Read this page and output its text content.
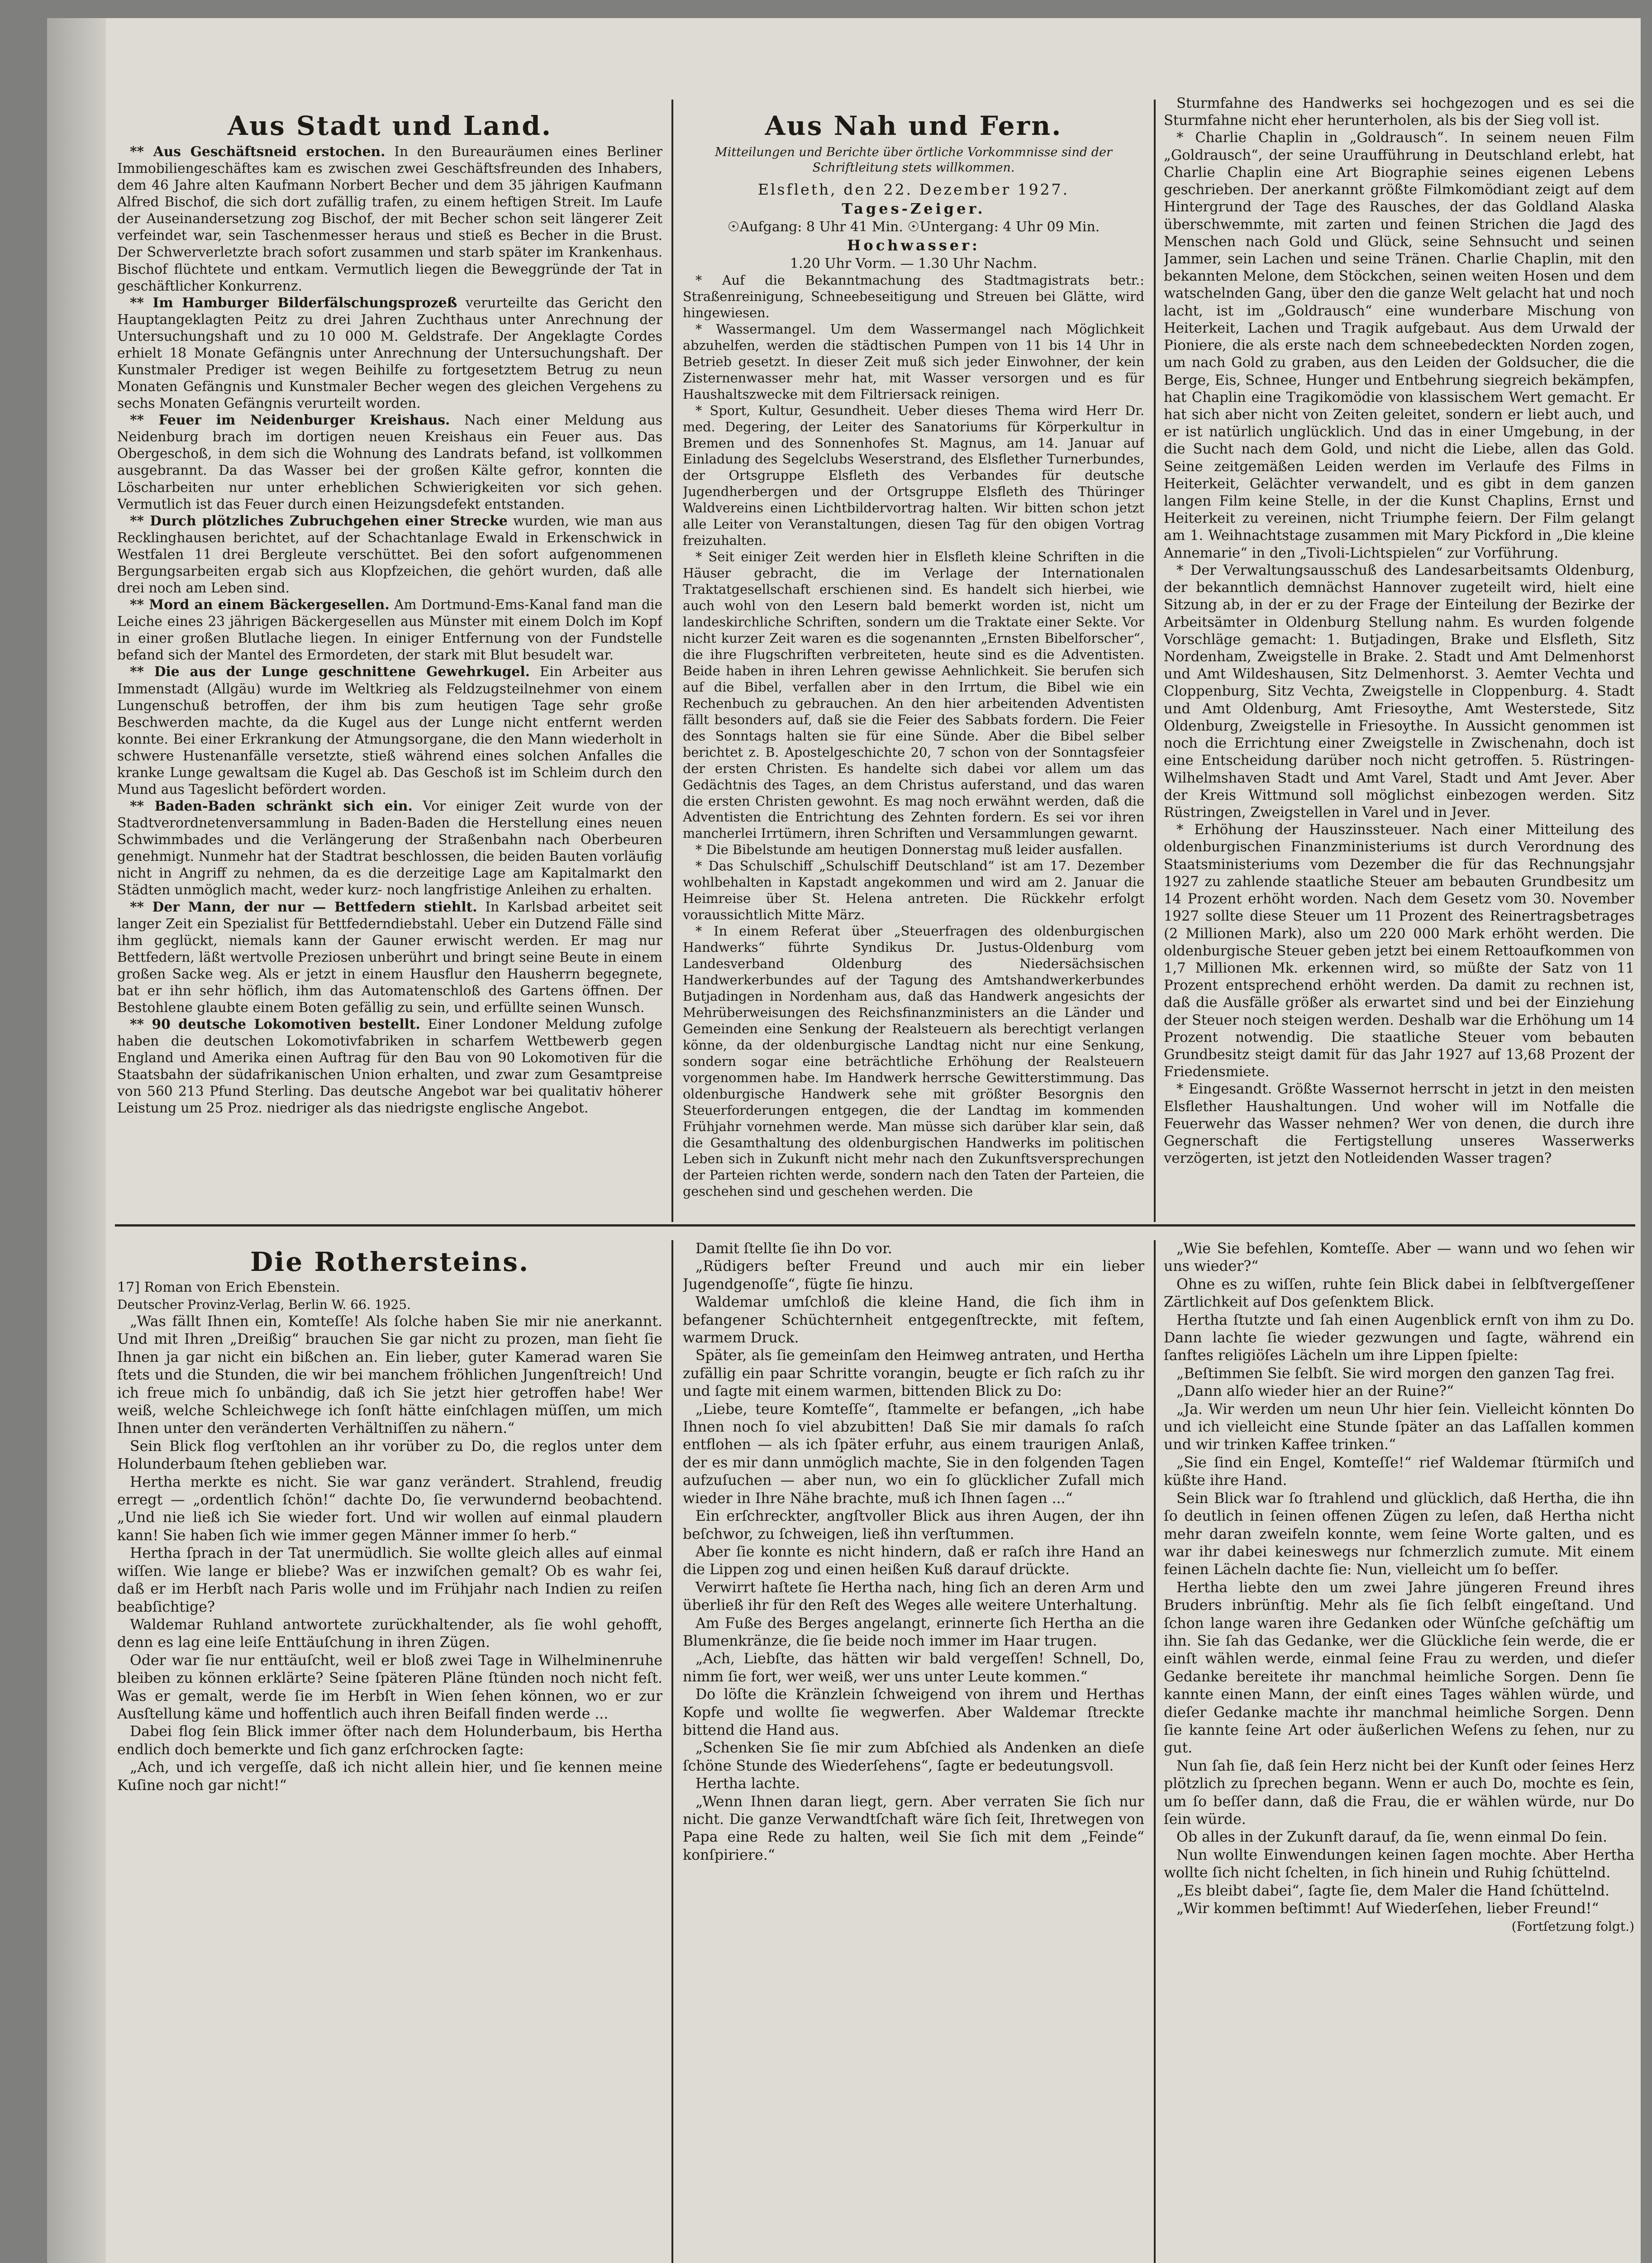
Aus Stadt und Land.

** Aus Geschäftsneid erstochen. In den Bureauräumen eines Berliner Immobiliengeschäftes kam es zwischen zwei Geschäftsfreunden des Inhabers, dem 46 Jahre alten Kaufmann Norbert Becher und dem 35 jährigen Kaufmann Alfred Bischof, die sich dort zufällig trafen, zu einem heftigen Streit. Im Laufe der Auseinandersetzung zog Bischof, der mit Becher schon seit längerer Zeit verfeindet war, sein Taschenmesser heraus und stieß es Becher in die Brust. Der Schwerverletzte brach sofort zusammen und starb später im Krankenhaus. Bischof flüchtete und entkam. Vermutlich liegen die Beweggründe der Tat in geschäftlicher Konkurrenz.

** Im Hamburger Bilderfälschungsprozeß verurteilte das Gericht den Hauptangeklagten Peitz zu drei Jahren Zuchthaus unter Anrechnung der Untersuchungshaft und zu 10 000 M. Geldstrafe. Der Angeklagte Cordes erhielt 18 Monate Gefängnis unter Anrechnung der Untersuchungshaft. Der Kunstmaler Prediger ist wegen Beihilfe zu fortgesetztem Betrug zu neun Monaten Gefängnis und Kunstmaler Becher wegen des gleichen Vergehens zu sechs Monaten Gefängnis verurteilt worden.

** Feuer im Neidenburger Kreishaus. Nach einer Meldung aus Neidenburg brach im dortigen neuen Kreishaus ein Feuer aus. Das Obergeschoß, in dem sich die Wohnung des Landrats befand, ist vollkommen ausgebrannt. Da das Wasser bei der großen Kälte gefror, konnten die Löscharbeiten nur unter erheblichen Schwierigkeiten vor sich gehen. Vermutlich ist das Feuer durch einen Heizungsdefekt entstanden.

** Durch plötzliches Zubruchgehen einer Strecke wurden, wie man aus Recklinghausen berichtet, auf der Schachtanlage Ewald in Erkenschwick in Westfalen 11 drei Bergleute verschüttet. Bei den sofort aufgenommenen Bergungsarbeiten ergab sich aus Klopfzeichen, die gehört wurden, daß alle drei noch am Leben sind.

** Mord an einem Bäckergesellen. Am Dortmund-Ems-Kanal fand man die Leiche eines 23 jährigen Bäckergesellen aus Münster mit einem Dolch im Kopf in einer großen Blutlache liegen. In einiger Entfernung von der Fundstelle befand sich der Mantel des Ermordeten, der stark mit Blut besudelt war.

** Die aus der Lunge geschnittene Gewehrkugel. Ein Arbeiter aus Immenstadt (Allgäu) wurde im Weltkrieg als Feldzugsteilnehmer von einem Lungenschuß betroffen, der ihm bis zum heutigen Tage sehr große Beschwerden machte, da die Kugel aus der Lunge nicht entfernt werden konnte. Bei einer Erkrankung der Atmungsorgane, die den Mann wiederholt in schwere Hustenanfälle versetzte, stieß während eines solchen Anfalles die kranke Lunge gewaltsam die Kugel ab. Das Geschoß ist im Schleim durch den Mund aus Tageslicht befördert worden.

** Baden-Baden schränkt sich ein. Vor einiger Zeit wurde von der Stadtverordnetenversammlung in Baden-Baden die Herstellung eines neuen Schwimmbades und die Verlängerung der Straßenbahn nach Oberbeuren genehmigt. Nunmehr hat der Stadtrat beschlossen, die beiden Bauten vorläufig nicht in Angriff zu nehmen, da es die derzeitige Lage am Kapitalmarkt den Städten unmöglich macht, weder kurz- noch langfristige Anleihen zu erhalten.

** Der Mann, der nur — Bettfedern stiehlt. In Karlsbad arbeitet seit langer Zeit ein Spezialist für Bettfederndiebstahl. Ueber ein Dutzend Fälle sind ihm geglückt, niemals kann der Gauner erwischt werden. Er mag nur Bettfedern, läßt wertvolle Preziosen unberührt und bringt seine Beute in einem großen Sacke weg. Als er jetzt in einem Hausflur den Hausherrn begegnete, bat er ihn sehr höflich, ihm das Automatenschloß des Gartens öffnen. Der Bestohlene glaubte einem Boten gefällig zu sein, und erfüllte seinen Wunsch.

** 90 deutsche Lokomotiven bestellt. Einer Londoner Meldung zufolge haben die deutschen Lokomotivfabriken in scharfem Wettbewerb gegen England und Amerika einen Auftrag für den Bau von 90 Lokomotiven für die Staatsbahn der südafrikanischen Union erhalten, und zwar zum Gesamtpreise von 560 213 Pfund Sterling. Das deutsche Angebot war bei qualitativ höherer Leistung um 25 Proz. niedriger als das niedrigste englische Angebot.

Aus Nah und Fern.
Mitteilungen und Berichte über örtliche Vorkommnisse sind der Schriftleitung stets willkommen.
Elsfleth, den 22. Dezember 1927.
Tages-Zeiger.
☉Aufgang: 8 Uhr 41 Min. ☉Untergang: 4 Uhr 09 Min.
Hochwasser:
1.20 Uhr Vorm. — 1.30 Uhr Nachm.

* Auf die Bekanntmachung des Stadtmagistrats betr.: Straßenreinigung, Schneebeseitigung und Streuen bei Glätte, wird hingewiesen.

* Wassermangel. Um dem Wassermangel nach Möglichkeit abzuhelfen, werden die städtischen Pumpen von 11 bis 14 Uhr in Betrieb gesetzt. In dieser Zeit muß sich jeder Einwohner, der kein Zisternenwasser mehr hat, mit Wasser versorgen und es für Haushaltszwecke mit dem Filtriersack reinigen.

* Sport, Kultur, Gesundheit. Ueber dieses Thema wird Herr Dr. med. Degering, der Leiter des Sanatoriums für Körperkultur in Bremen und des Sonnenhofes St. Magnus, am 14. Januar auf Einladung des Segelclubs Weserstrand, des Elsflether Turnerbundes, der Ortsgruppe Elsfleth des Verbandes für deutsche Jugendherbergen und der Ortsgruppe Elsfleth des Thüringer Waldvereins einen Lichtbildervortrag halten. Wir bitten schon jetzt alle Leiter von Veranstaltungen, diesen Tag für den obigen Vortrag freizuhalten.

* Seit einiger Zeit werden hier in Elsfleth kleine Schriften in die Häuser gebracht, die im Verlage der Internationalen Traktatgesellschaft erschienen sind. Es handelt sich hierbei, wie auch wohl von den Lesern bald bemerkt worden ist, nicht um landeskirchliche Schriften, sondern um die Traktate einer Sekte. Vor nicht kurzer Zeit waren es die sogenannten „Ernsten Bibelforscher“, die ihre Flugschriften verbreiteten, heute sind es die Adventisten. Beide haben in ihren Lehren gewisse Aehnlichkeit. Sie berufen sich auf die Bibel, verfallen aber in den Irrtum, die Bibel wie ein Rechenbuch zu gebrauchen. An den hier arbeitenden Adventisten fällt besonders auf, daß sie die Feier des Sabbats fordern. Die Feier des Sonntags halten sie für eine Sünde. Aber die Bibel selber berichtet z. B. Apostelgeschichte 20, 7 schon von der Sonntagsfeier der ersten Christen. Es handelte sich dabei vor allem um das Gedächtnis des Tages, an dem Christus auferstand, und das waren die ersten Christen gewohnt. Es mag noch erwähnt werden, daß die Adventisten die Entrichtung des Zehnten fordern. Es sei vor ihren mancherlei Irrtümern, ihren Schriften und Versammlungen gewarnt.

* Die Bibelstunde am heutigen Donnerstag muß leider ausfallen.

* Das Schulschiff „Schulschiff Deutschland“ ist am 17. Dezember wohlbehalten in Kapstadt angekommen und wird am 2. Januar die Heimreise über St. Helena antreten. Die Rückkehr erfolgt voraussichtlich Mitte März.

* In einem Referat über „Steuerfragen des oldenburgischen Handwerks“ führte Syndikus Dr. Justus-Oldenburg vom Landesverband Oldenburg des Niedersächsischen Handwerkerbundes auf der Tagung des Amtshandwerkerbundes Butjadingen in Nordenham aus, daß das Handwerk angesichts der Mehrüberweisungen des Reichsfinanzministers an die Länder und Gemeinden eine Senkung der Realsteuern als berechtigt verlangen könne, da der oldenburgische Landtag nicht nur eine Senkung, sondern sogar eine beträchtliche Erhöhung der Realsteuern vorgenommen habe. Im Handwerk herrsche Gewitterstimmung. Das oldenburgische Handwerk sehe mit größter Besorgnis den Steuerforderungen entgegen, die der Landtag im kommenden Frühjahr vornehmen werde. Man müsse sich darüber klar sein, daß die Gesamthaltung des oldenburgischen Handwerks im politischen Leben sich in Zukunft nicht mehr nach den Zukunftsversprechungen der Parteien richten werde, sondern nach den Taten der Parteien, die geschehen sind und geschehen werden. Die

Sturmfahne des Handwerks sei hochgezogen und es sei die Sturmfahne nicht eher herunterholen, als bis der Sieg voll ist.

* Charlie Chaplin in „Goldrausch“. In seinem neuen Film „Goldrausch“, der seine Uraufführung in Deutschland erlebt, hat Charlie Chaplin eine Art Biographie seines eigenen Lebens geschrieben. Der anerkannt größte Filmkomödiant zeigt auf dem Hintergrund der Tage des Rausches, der das Goldland Alaska überschwemmte, mit zarten und feinen Strichen die Jagd des Menschen nach Gold und Glück, seine Sehnsucht und seinen Jammer, sein Lachen und seine Tränen. Charlie Chaplin, mit den bekannten Melone, dem Stöckchen, seinen weiten Hosen und dem watschelnden Gang, über den die ganze Welt gelacht hat und noch lacht, ist im „Goldrausch“ eine wunderbare Mischung von Heiterkeit, Lachen und Tragik aufgebaut. Aus dem Urwald der Pioniere, die als erste nach dem schneebedeckten Norden zogen, um nach Gold zu graben, aus den Leiden der Goldsucher, die die Berge, Eis, Schnee, Hunger und Entbehrung siegreich bekämpfen, hat Chaplin eine Tragikomödie von klassischem Wert gemacht. Er hat sich aber nicht von Zeiten geleitet, sondern er liebt auch, und er ist natürlich unglücklich. Und das in einer Umgebung, in der die Sucht nach dem Gold, und nicht die Liebe, allen das Gold. Seine zeitgemäßen Leiden werden im Verlaufe des Films in Heiterkeit, Gelächter verwandelt, und es gibt in dem ganzen langen Film keine Stelle, in der die Kunst Chaplins, Ernst und Heiterkeit zu vereinen, nicht Triumphe feiern. Der Film gelangt am 1. Weihnachtstage zusammen mit Mary Pickford in „Die kleine Annemarie“ in den „Tivoli-Lichtspielen“ zur Vorführung.

* Der Verwaltungsausschuß des Landesarbeitsamts Oldenburg, der bekanntlich demnächst Hannover zugeteilt wird, hielt eine Sitzung ab, in der er zu der Frage der Einteilung der Bezirke der Arbeitsämter in Oldenburg Stellung nahm. Es wurden folgende Vorschläge gemacht: 1. Butjadingen, Brake und Elsfleth, Sitz Nordenham, Zweigstelle in Brake. 2. Stadt und Amt Delmenhorst und Amt Wildeshausen, Sitz Delmenhorst. 3. Aemter Vechta und Cloppenburg, Sitz Vechta, Zweigstelle in Cloppenburg. 4. Stadt und Amt Oldenburg, Amt Friesoythe, Amt Westerstede, Sitz Oldenburg, Zweigstelle in Friesoythe. In Aussicht genommen ist noch die Errichtung einer Zweigstelle in Zwischenahn, doch ist eine Entscheidung darüber noch nicht getroffen. 5. Rüstringen-Wilhelmshaven Stadt und Amt Varel, Stadt und Amt Jever. Aber der Kreis Wittmund soll möglichst einbezogen werden. Sitz Rüstringen, Zweigstellen in Varel und in Jever.

* Erhöhung der Hauszinssteuer. Nach einer Mitteilung des oldenburgischen Finanzministeriums ist durch Verordnung des Staatsministeriums vom Dezember die für das Rechnungsjahr 1927 zu zahlende staatliche Steuer am bebauten Grundbesitz um 14 Prozent erhöht worden. Nach dem Gesetz vom 30. November 1927 sollte diese Steuer um 11 Prozent des Reinertragsbetrages (2 Millionen Mark), also um 220 000 Mark erhöht werden. Die oldenburgische Steuer geben jetzt bei einem Rettoaufkommen von 1,7 Millionen Mk. erkennen wird, so müßte der Satz von 11 Prozent entsprechend erhöht werden. Da damit zu rechnen ist, daß die Ausfälle größer als erwartet sind und bei der Einziehung der Steuer noch steigen werden. Deshalb war die Erhöhung um 14 Prozent notwendig. Die staatliche Steuer vom bebauten Grundbesitz steigt damit für das Jahr 1927 auf 13,68 Prozent der Friedensmiete.

* Eingesandt. Größte Wassernot herrscht in jetzt in den meisten Elsflether Haushaltungen. Und woher will im Notfalle die Feuerwehr das Wasser nehmen? Wer von denen, die durch ihre Gegnerschaft die Fertigstellung unseres Wasserwerks verzögerten, ist jetzt den Notleidenden Wasser tragen?

Die Rothersteins.

17] Roman von Erich Ebenstein.

Deutscher Provinz-Verlag, Berlin W. 66. 1925.

„Was fällt Ihnen ein, Komteſſe! Als ſolche haben Sie mir nie anerkannt. Und mit Ihren „Dreißig“ brauchen Sie gar nicht zu prozen, man ſieht ſie Ihnen ja gar nicht ein bißchen an. Ein lieber, guter Kamerad waren Sie ſtets und die Stunden, die wir bei manchem fröhlichen Jungenſtreich! Und ich freue mich ſo unbändig, daß ich Sie jetzt hier getroffen habe! Wer weiß, welche Schleichwege ich ſonſt hätte einſchlagen müſſen, um mich Ihnen unter den veränderten Verhältniſſen zu nähern.“

Sein Blick flog verſtohlen an ihr vorüber zu Do, die reglos unter dem Holunderbaum ſtehen geblieben war.

Hertha merkte es nicht. Sie war ganz verändert. Strahlend, freudig erregt — „ordentlich ſchön!“ dachte Do, ſie verwundernd beobachtend. „Und nie ließ ich Sie wieder fort. Und wir wollen auf einmal plaudern kann! Sie haben ſich wie immer gegen Männer immer ſo herb.“

Hertha ſprach in der Tat unermüdlich. Sie wollte gleich alles auf einmal wiſſen. Wie lange er bliebe? Was er inzwiſchen gemalt? Ob es wahr ſei, daß er im Herbſt nach Paris wolle und im Frühjahr nach Indien zu reiſen beabſichtige?

Waldemar Ruhland antwortete zurückhaltender, als ſie wohl gehofft, denn es lag eine leiſe Enttäuſchung in ihren Zügen.

Oder war ſie nur enttäuſcht, weil er bloß zwei Tage in Wilhelminenruhe bleiben zu können erklärte? Seine ſpäteren Pläne ſtünden noch nicht feſt. Was er gemalt, werde ſie im Herbſt in Wien ſehen können, wo er zur Ausſtellung käme und hoffentlich auch ihren Beifall finden werde ...

Dabei flog ſein Blick immer öfter nach dem Holunderbaum, bis Hertha endlich doch bemerkte und ſich ganz erſchrocken ſagte:

„Ach, und ich vergeſſe, daß ich nicht allein hier, und ſie kennen meine Kuſine noch gar nicht!“

Damit ſtellte ſie ihn Do vor.

„Rüdigers beſter Freund und auch mir ein lieber Jugendgenoſſe“, fügte ſie hinzu.

Waldemar umſchloß die kleine Hand, die ſich ihm in befangener Schüchternheit entgegenſtreckte, mit feſtem, warmem Druck.

Später, als ſie gemeinſam den Heimweg antraten, und Hertha zufällig ein paar Schritte vorangin, beugte er ſich raſch zu ihr und ſagte mit einem warmen, bittenden Blick zu Do:

„Liebe, teure Komteſſe“, ſtammelte er befangen, „ich habe Ihnen noch ſo viel abzubitten! Daß Sie mir damals ſo raſch entflohen — als ich ſpäter erfuhr, aus einem traurigen Anlaß, der es mir dann unmöglich machte, Sie in den folgenden Tagen aufzuſuchen — aber nun, wo ein ſo glücklicher Zufall mich wieder in Ihre Nähe brachte, muß ich Ihnen ſagen ...“

Ein erſchreckter, angſtvoller Blick aus ihren Augen, der ihn beſchwor, zu ſchweigen, ließ ihn verſtummen.

Aber ſie konnte es nicht hindern, daß er raſch ihre Hand an die Lippen zog und einen heißen Kuß darauf drückte.

Verwirrt haſtete ſie Hertha nach, hing ſich an deren Arm und überließ ihr für den Reſt des Weges alle weitere Unterhaltung.

Am Fuße des Berges angelangt, erinnerte ſich Hertha an die Blumenkränze, die ſie beide noch immer im Haar trugen.

„Ach, Liebſte, das hätten wir bald vergeſſen! Schnell, Do, nimm ſie fort, wer weiß, wer uns unter Leute kommen.“

Do löſte die Kränzlein ſchweigend von ihrem und Herthas Kopfe und wollte ſie wegwerfen. Aber Waldemar ſtreckte bittend die Hand aus.

„Schenken Sie ſie mir zum Abſchied als Andenken an dieſe ſchöne Stunde des Wiederſehens“, ſagte er bedeutungsvoll.

Hertha lachte.

„Wenn Ihnen daran liegt, gern. Aber verraten Sie ſich nur nicht. Die ganze Verwandtſchaft wäre ſich ſeit, Ihretwegen von Papa eine Rede zu halten, weil Sie ſich mit dem „Feinde“ konſpiriere.“

„Wie Sie befehlen, Komteſſe. Aber — wann und wo ſehen wir uns wieder?“

Ohne es zu wiſſen, ruhte ſein Blick dabei in ſelbſtvergeſſener Zärtlichkeit auf Dos geſenktem Blick.

Hertha ſtutzte und ſah einen Augenblick ernſt von ihm zu Do. Dann lachte ſie wieder gezwungen und ſagte, während ein ſanftes religiöſes Lächeln um ihre Lippen ſpielte:

„Beſtimmen Sie ſelbſt. Sie wird morgen den ganzen Tag frei.

„Dann alſo wieder hier an der Ruine?“

„Ja. Wir werden um neun Uhr hier ſein. Vielleicht könnten Do und ich vielleicht eine Stunde ſpäter an das Laſſallen kommen und wir trinken Kaffee trinken.“

„Sie ſind ein Engel, Komteſſe!“ rief Waldemar ſtürmiſch und küßte ihre Hand.

Sein Blick war ſo ſtrahlend und glücklich, daß Hertha, die ihn ſo deutlich in ſeinen offenen Zügen zu leſen, daß Hertha nicht mehr daran zweifeln konnte, wem ſeine Worte galten, und es war ihr dabei keineswegs nur ſchmerzlich zumute. Mit einem feinen Lächeln dachte ſie: Nun, vielleicht um ſo beſſer.

Hertha liebte den um zwei Jahre jüngeren Freund ihres Bruders inbrünſtig. Mehr als ſie ſich ſelbſt eingeſtand. Und ſchon lange waren ihre Gedanken oder Wünſche geſchäftig um ihn. Sie ſah das Gedanke, wer die Glückliche ſein werde, die er einſt wählen werde, einmal ſeine Frau zu werden, und dieſer Gedanke bereitete ihr manchmal heimliche Sorgen. Denn ſie kannte einen Mann, der einſt eines Tages wählen würde, und dieſer Gedanke machte ihr manchmal heimliche Sorgen. Denn ſie kannte ſeine Art oder äußerlichen Weſens zu ſehen, nur zu gut.

Nun ſah ſie, daß ſein Herz nicht bei der Kunſt oder ſeines Herz plötzlich zu ſprechen begann. Wenn er auch Do, mochte es ſein, um ſo beſſer dann, daß die Frau, die er wählen würde, nur Do ſein würde.

Ob alles in der Zukunft darauf, da ſie, wenn einmal Do ſein.

Nun wollte Einwendungen keinen ſagen mochte. Aber Hertha wollte ſich nicht ſchelten, in ſich hinein und Ruhig ſchüttelnd.

„Es bleibt dabei“, ſagte ſie, dem Maler die Hand ſchüttelnd.

„Wir kommen beſtimmt! Auf Wiederſehen, lieber Freund!“

(Fortſetzung folgt.)
